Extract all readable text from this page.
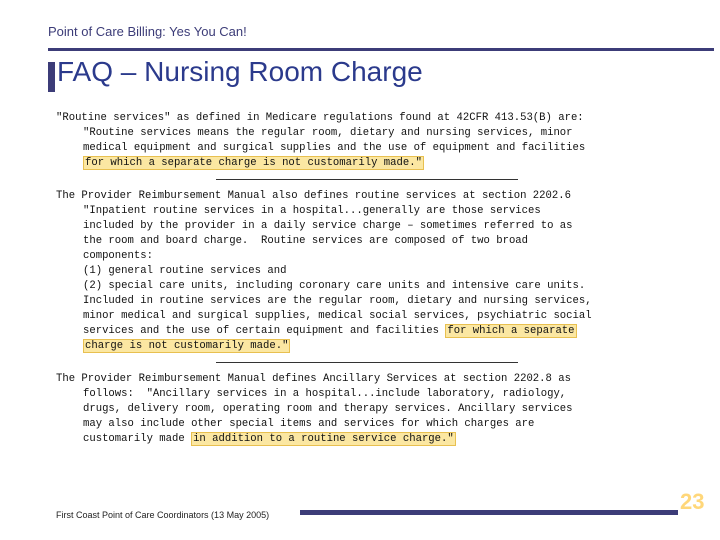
Point of Care Billing: Yes You Can!
FAQ – Nursing Room Charge
"Routine services" as defined in Medicare regulations found at 42CFR 413.53(B) are:
"Routine services means the regular room, dietary and nursing services, minor
medical equipment and surgical supplies and the use of equipment and facilities
for which a separate charge is not customarily made."
The Provider Reimbursement Manual also defines routine services at section 2202.6
"Inpatient routine services in a hospital...generally are those services
included by the provider in a daily service charge – sometimes referred to as
the room and board charge.  Routine services are composed of two broad
components:
(1) general routine services and
(2) special care units, including coronary care units and intensive care units.
Included in routine services are the regular room, dietary and nursing services,
minor medical and surgical supplies, medical social services, psychiatric social
services and the use of certain equipment and facilities for which a separate
charge is not customarily made."
The Provider Reimbursement Manual defines Ancillary Services at section 2202.8 as
follows:  "Ancillary services in a hospital...include laboratory, radiology,
drugs, delivery room, operating room and therapy services. Ancillary services
may also include other special items and services for which charges are
customarily made in addition to a routine service charge."
First Coast Point of Care Coordinators (13 May 2005)
23
